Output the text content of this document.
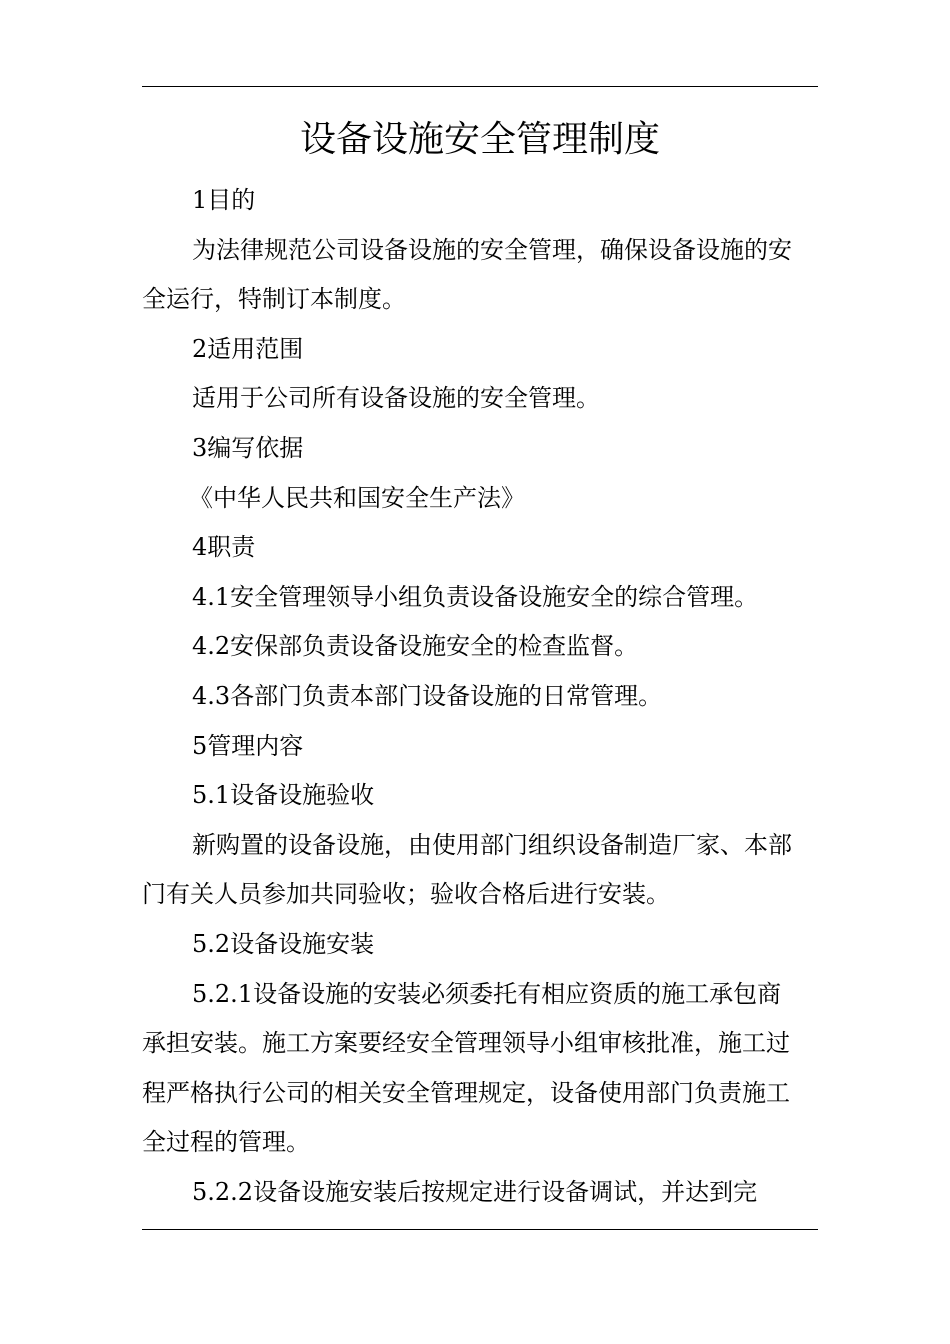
设备设施安全管理制度

1目的

为法律规范公司设备设施的安全管理，确保设备设施的安

全运行，特制订本制度。

2适用范围

适用于公司所有设备设施的安全管理。

3编写依据

《中华人民共和国安全生产法》

4职责

4.1安全管理领导小组负责设备设施安全的综合管理。

4.2安保部负责设备设施安全的检查监督。

4.3各部门负责本部门设备设施的日常管理。

5管理内容

5.1设备设施验收

新购置的设备设施，由使用部门组织设备制造厂家、本部

门有关人员参加共同验收；验收合格后进行安装。

5.2设备设施安装

5.2.1设备设施的安装必须委托有相应资质的施工承包商

承担安装。施工方案要经安全管理领导小组审核批准，施工过

程严格执行公司的相关安全管理规定，设备使用部门负责施工

全过程的管理。

5.2.2设备设施安装后按规定进行设备调试，并达到完
